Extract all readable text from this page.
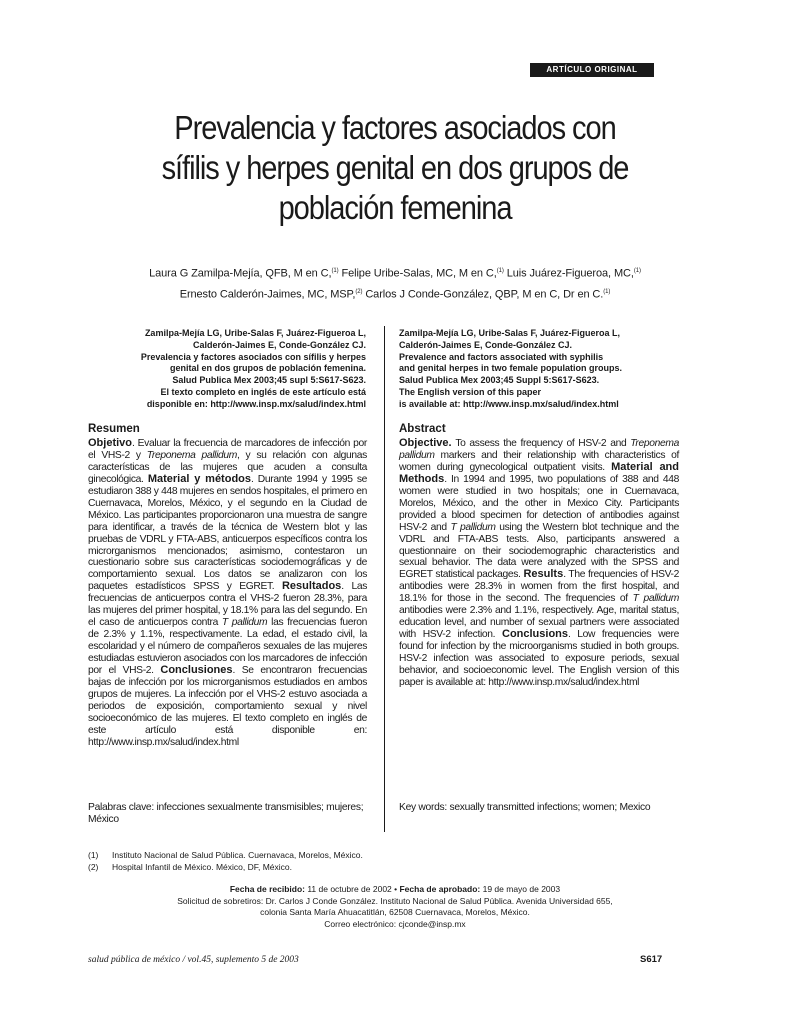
ARTÍCULO ORIGINAL
Prevalencia y factores asociados con
sífilis y herpes genital en dos grupos de
población femenina
Laura G Zamilpa-Mejía, QFB, M en C,$^{(1)}$ Felipe Uribe-Salas, MC, M en C,$^{(1)}$ Luis Juárez-Figueroa, MC,$^{(1)}$
Ernesto Calderón-Jaimes, MC, MSP,$^{(2)}$ Carlos J Conde-González, QBP, M en C, Dr en C.$^{(1)}$
Zamilpa-Mejía LG, Uribe-Salas F, Juárez-Figueroa L,
Calderón-Jaimes E, Conde-González CJ.
Prevalencia y factores asociados con sífilis y herpes
genital en dos grupos de población femenina.
Salud Publica Mex 2003;45 supl 5:S617-S623.
El texto completo en inglés de este artículo está
disponible en: http://www.insp.mx/salud/index.html
Zamilpa-Mejía LG, Uribe-Salas F, Juárez-Figueroa L,
Calderón-Jaimes E, Conde-González CJ.
Prevalence and factors associated with syphilis
and genital herpes in two female population groups.
Salud Publica Mex 2003;45 Suppl 5:S617-S623.
The English version of this paper
is available at: http://www.insp.mx/salud/index.html
Resumen

Objetivo. Evaluar la frecuencia de marcadores de infección por el VHS-2 y Treponema pallidum, y su relación con algunas características de las mujeres que acuden a consulta ginecológica. Material y métodos. Durante 1994 y 1995 se estudiaron 388 y 448 mujeres en sendos hospitales, el primero en Cuernavaca, Morelos, México, y el segundo en la Ciudad de México. Las participantes proporcionaron una muestra de sangre para identificar, a través de la técnica de Western blot y las pruebas de VDRL y FTA-ABS, anticuerpos específicos contra los microrganismos mencionados; asimismo, contestaron un cuestionario sobre sus características sociodemográficas y de comportamiento sexual. Los datos se analizaron con los paquetes estadísticos SPSS y EGRET. Resultados. Las frecuencias de anticuerpos contra el VHS-2 fueron 28.3%, para las mujeres del primer hospital, y 18.1% para las del segundo. En el caso de anticuerpos contra T pallidum las frecuencias fueron de 2.3% y 1.1%, respectivamente. La edad, el estado civil, la escolaridad y el número de compañeros sexuales de las mujeres estudiadas estuvieron asociados con los marcadores de infección por el VHS-2. Conclusiones. Se encontraron frecuencias bajas de infección por los microrganismos estudiados en ambos grupos de mujeres. La infección por el VHS-2 estuvo asociada a periodos de exposición, comportamiento sexual y nivel socioeconómico de las mujeres. El texto completo en inglés de este artículo está disponible en: http://www.insp.mx/salud/index.html

Abstract

Objective. To assess the frequency of HSV-2 and Treponema pallidum markers and their relationship with characteristics of women during gynecological outpatient visits. Material and Methods. In 1994 and 1995, two populations of 388 and 448 women were studied in two hospitals; one in Cuernavaca, Morelos, México, and the other in Mexico City. Participants provided a blood specimen for detection of antibodies against HSV-2 and T pallidum using the Western blot technique and the VDRL and FTA-ABS tests. Also, participants answered a questionnaire on their sociodemographic characteristics and sexual behavior. The data were analyzed with the SPSS and EGRET statistical packages. Results. The frequencies of HSV-2 antibodies were 28.3% in women from the first hospital, and 18.1% for those in the second. The frequencies of T pallidum antibodies were 2.3% and 1.1%, respectively. Age, marital status, education level, and number of sexual partners were associated with HSV-2 infection. Conclusions. Low frequencies were found for infection by the microorganisms studied in both groups. HSV-2 infection was associated to exposure periods, sexual behavior, and socioeconomic level. The English version of this paper is available at: http://www.insp.mx/salud/index.html

Palabras clave: infecciones sexualmente transmisibles; mujeres; México
Key words: sexually transmitted infections; women; Mexico
(1) Instituto Nacional de Salud Pública. Cuernavaca, Morelos, México.
(2) Hospital Infantil de México. México, DF, México.
Fecha de recibido: 11 de octubre de 2002 • Fecha de aprobado: 19 de mayo de 2003
Solicitud de sobretiros: Dr. Carlos J Conde González. Instituto Nacional de Salud Pública. Avenida Universidad 655,
colonia Santa María Ahuacatitlán, 62508 Cuernavaca, Morelos, México.
Correo electrónico: cjconde@insp.mx
salud pública de méxico / vol.45, suplemento 5 de 2003	S617
